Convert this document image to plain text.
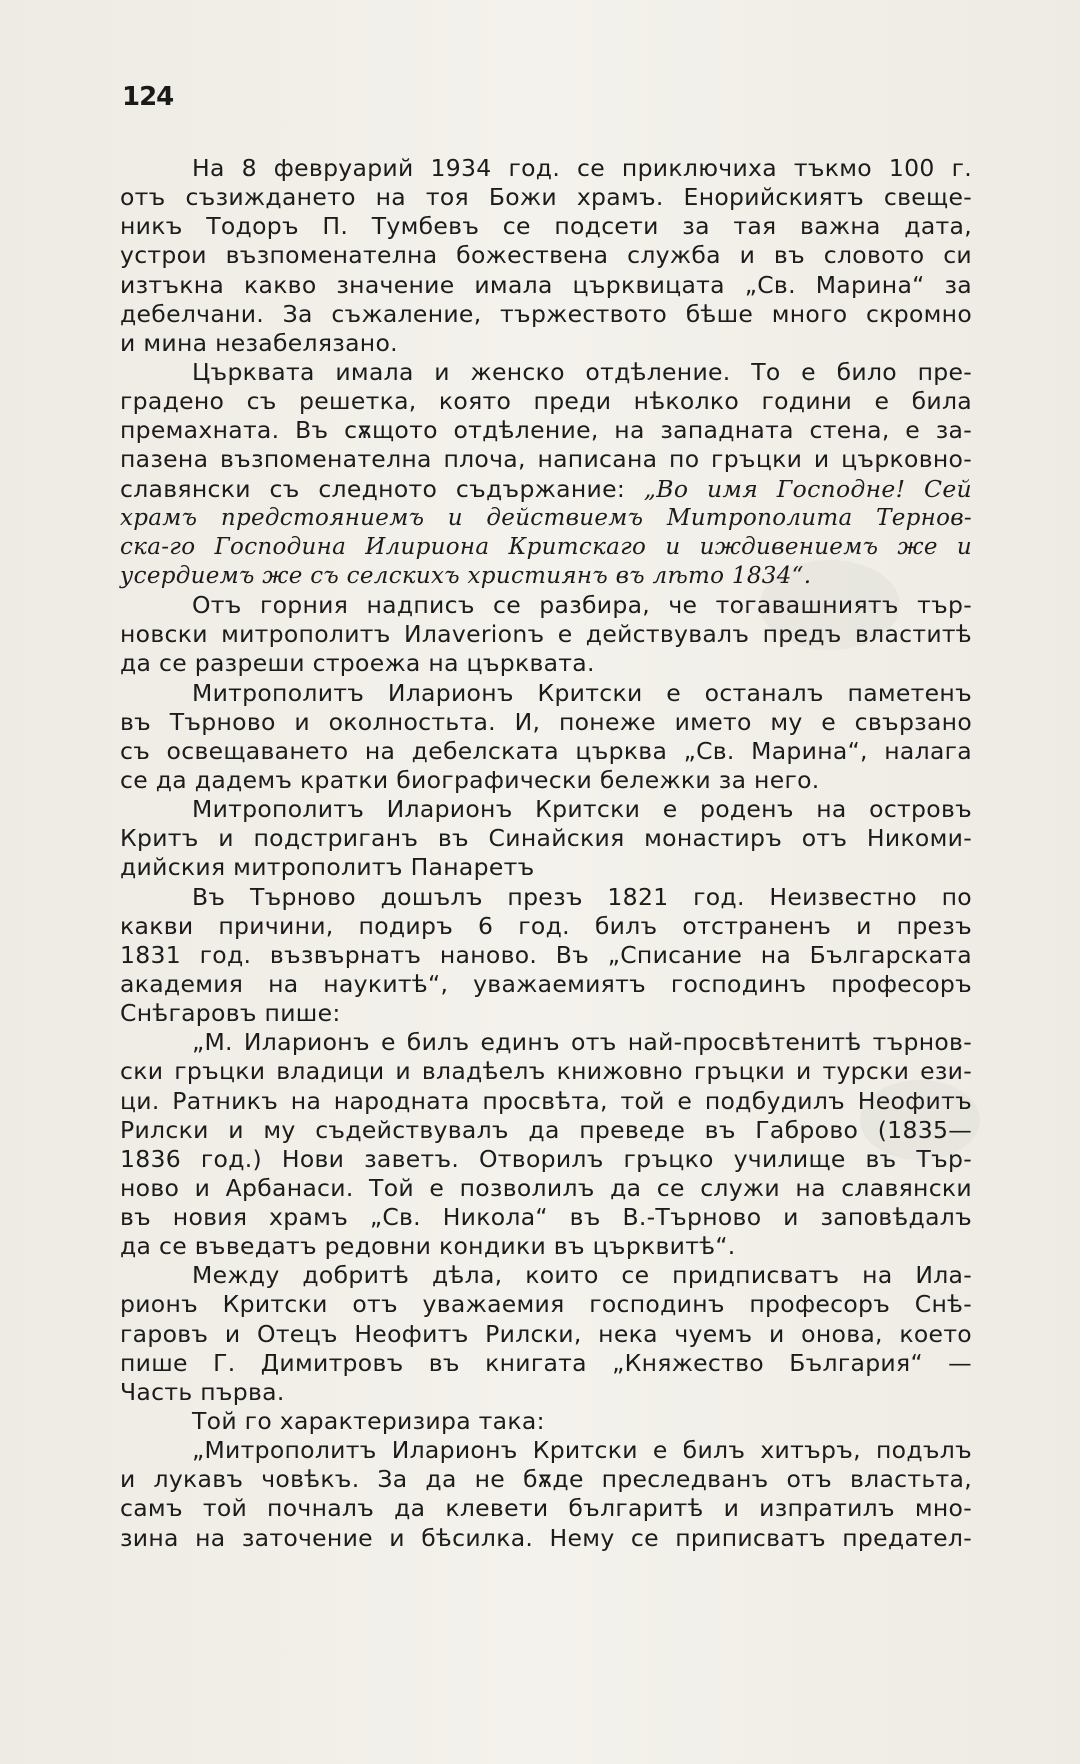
124
На 8 февруарий 1934 год. се приключиха тъкмо 100 г.
отъ съзиждането на тоя Божи храмъ. Енорийскиятъ свеще-
никъ Тодоръ П. Тумбевъ се подсети за тая важна дата,
устрои възпоменателна божествена служба и въ словото си
изтъкна какво значение имала църквицата „Св. Марина“ за
дебелчани. За съжаление, тържеството бѣше много скромно
и мина незабелязано.
Църквата имала и женско отдѣление. То е било пре-
градено съ решетка, която преди нѣколко години е била
премахната. Въ сѫщото отдѣление, на западната стена, е за-
пазена възпоменателна плоча, написана по гръцки и църковно-
славянски съ следното съдържание: „Во имя Господне! Сей
храмъ предстояниемъ и действиемъ Митрополита Тернов-
ска-го Господина Илириона Критскаго и иждивениемъ же и
усердиемъ же съ селскихъ християнъ въ лѣто 1834“.
Отъ горния надписъ се разбира, че тогавашниятъ тър-
новски митрополитъ Илaverionъ е действувалъ предъ властитѣ
да се разреши строежа на църквата.
Митрополитъ Иларионъ Критски е останалъ паметенъ
въ Търново и околностьта. И, понеже името му е свързано
съ освещаването на дебелската църква „Св. Марина“, налага
се да дадемъ кратки биографически бележки за него.
Митрополитъ Иларионъ Критски е роденъ на островъ
Критъ и подстриганъ въ Синайския монастиръ отъ Никоми-
дийския митрополитъ Панаретъ
Въ Търново дошълъ презъ 1821 год. Неизвестно по
какви причини, подиръ 6 год. билъ отстраненъ и презъ
1831 год. възвърнатъ наново. Въ „Списание на Българската
академия на наукитѣ“, уважаемиятъ господинъ професоръ
Снѣгаровъ пише:
„М. Иларионъ е билъ единъ отъ най-просвѣтенитѣ търнов-
ски гръцки владици и владѣелъ книжовно гръцки и турски ези-
ци. Ратникъ на народната просвѣта, той е подбудилъ Неофитъ
Рилски и му съдействувалъ да преведе въ Габрово (1835—
1836 год.) Нови заветъ. Отворилъ гръцко училище въ Тър-
ново и Арбанаси. Той е позволилъ да се служи на славянски
въ новия храмъ „Св. Никола“ въ В.-Търново и заповѣдалъ
да се въведатъ редовни кондики въ църквитѣ“.
Между добритѣ дѣла, които се придписватъ на Ила-
рионъ Критски отъ уважаемия господинъ професоръ Снѣ-
гаровъ и Отецъ Неофитъ Рилски, нека чуемъ и онова, което
пише Г. Димитровъ въ книгата „Княжество България“ —
Часть първа.
Той го характеризира така:
„Митрополитъ Иларионъ Критски е билъ хитъръ, подълъ
и лукавъ човѣкъ. За да не бѫде преследванъ отъ властьта,
самъ той почналъ да клевети българитѣ и изпратилъ мно-
зина на заточение и бѣсилка. Нему се приписватъ предател-
